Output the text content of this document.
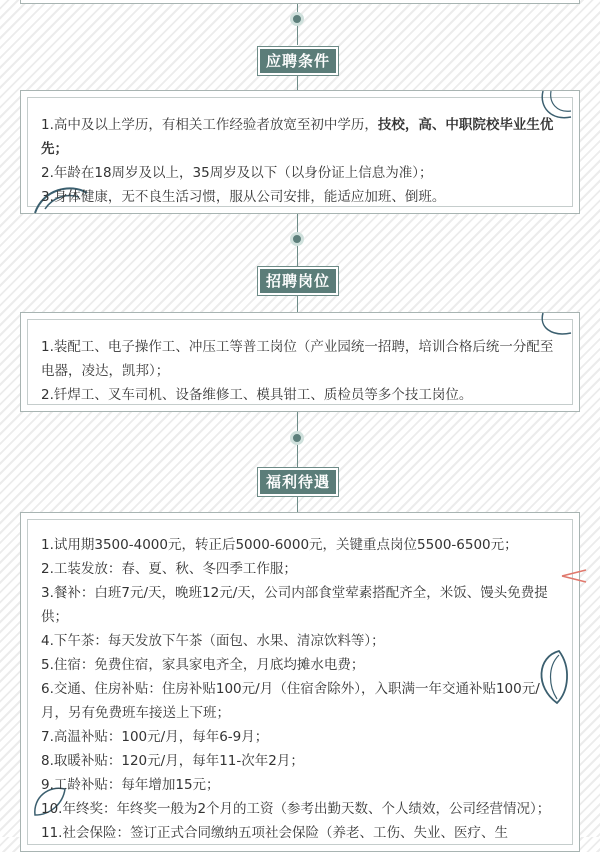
应聘条件

1.高中及以上学历，有相关工作经验者放宽至初中学历，技校，高、中职院校毕业生优先；

2.年龄在18周岁及以上，35周岁及以下（以身份证上信息为准）；

3.身体健康，无不良生活习惯，服从公司安排，能适应加班、倒班。

招聘岗位

1.装配工、电子操作工、冲压工等普工岗位（产业园统一招聘，培训合格后统一分配至电器，凌达，凯邦）；

2.钎焊工、叉车司机、设备维修工、模具钳工、质检员等多个技工岗位。

福利待遇

1.试用期3500-4000元，转正后5000-6000元，关键重点岗位5500-6500元；

2.工装发放：春、夏、秋、冬四季工作服；

3.餐补：白班7元/天，晚班12元/天，公司内部食堂荤素搭配齐全，米饭、馒头免费提供；

4.下午茶：每天发放下午茶（面包、水果、清凉饮料等）；

5.住宿：免费住宿，家具家电齐全，月底均摊水电费；

6.交通、住房补贴：住房补贴100元/月（住宿舍除外），入职满一年交通补贴100元/月，另有免费班车接送上下班；

7.高温补贴：100元/月，每年6-9月；

8.取暖补贴：120元/月，每年11-次年2月；

9.工龄补贴：每年增加15元；

10.年终奖：年终奖一般为2个月的工资（参考出勤天数、个人绩效，公司经营情况）；

11.社会保险：签订正式合同缴纳五项社会保险（养老、工伤、失业、医疗、生
